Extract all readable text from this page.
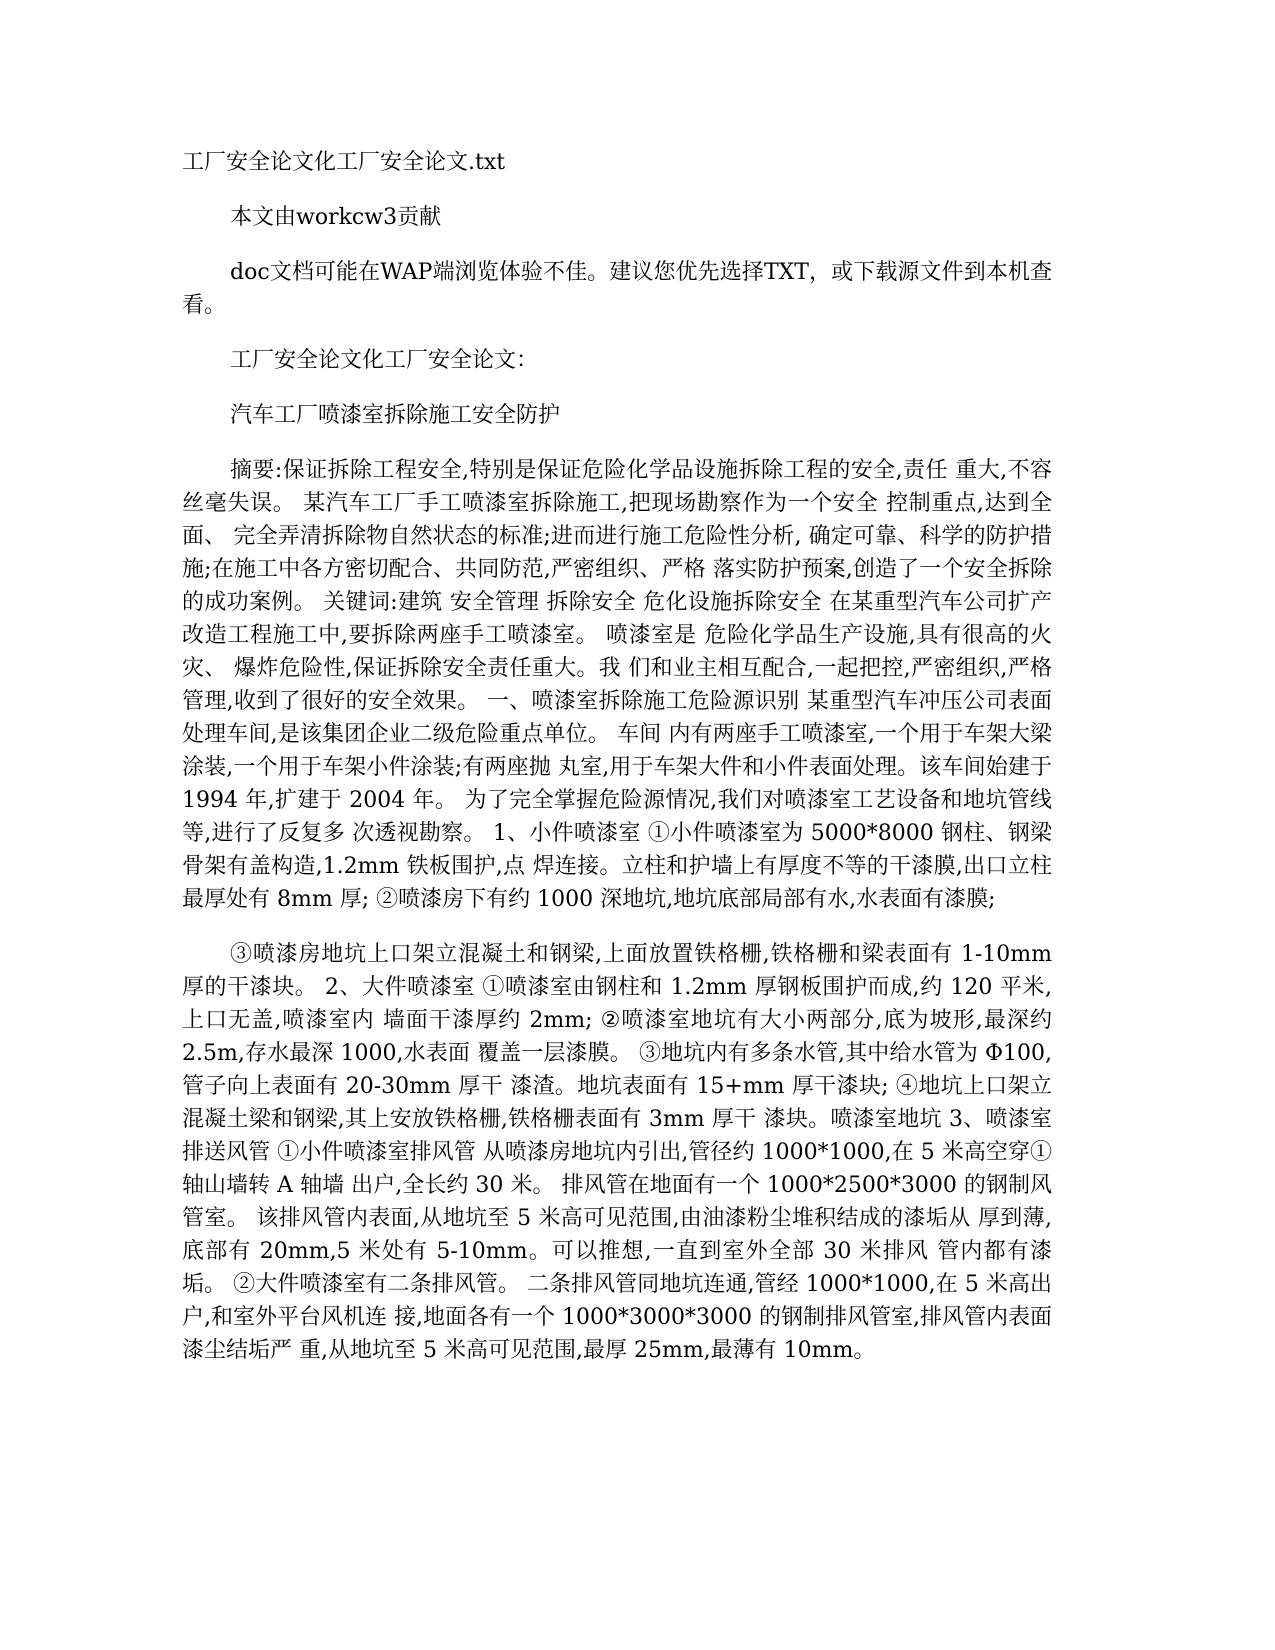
工厂安全论文化工厂安全论文.txt
本文由workcw3贡献
doc文档可能在WAP端浏览体验不佳。建议您优先选择TXT，或下载源文件到本机查看。
工厂安全论文化工厂安全论文：
汽车工厂喷漆室拆除施工安全防护
摘要:保证拆除工程安全,特别是保证危险化学品设施拆除工程的安全,责任 重大,不容丝毫失误。 某汽车工厂手工喷漆室拆除施工,把现场勘察作为一个安全 控制重点,达到全面、 完全弄清拆除物自然状态的标准;进而进行施工危险性分析, 确定可靠、科学的防护措施;在施工中各方密切配合、共同防范,严密组织、严格 落实防护预案,创造了一个安全拆除的成功案例。 关键词:建筑 安全管理 拆除安全 危化设施拆除安全 在某重型汽车公司扩产改造工程施工中,要拆除两座手工喷漆室。 喷漆室是 危险化学品生产设施,具有很高的火灾、 爆炸危险性,保证拆除安全责任重大。我 们和业主相互配合,一起把控,严密组织,严格管理,收到了很好的安全效果。 一、喷漆室拆除施工危险源识别 某重型汽车冲压公司表面处理车间,是该集团企业二级危险重点单位。 车间 内有两座手工喷漆室,一个用于车架大梁涂装,一个用于车架小件涂装;有两座抛 丸室,用于车架大件和小件表面处理。该车间始建于 1994 年,扩建于 2004 年。 为了完全掌握危险源情况,我们对喷漆室工艺设备和地坑管线等,进行了反复多 次透视勘察。 1、小件喷漆室 ①小件喷漆室为 5000*8000 钢柱、钢梁骨架有盖构造,1.2mm 铁板围护,点 焊连接。立柱和护墙上有厚度不等的干漆膜,出口立柱最厚处有 8mm 厚; ②喷漆房下有约 1000 深地坑,地坑底部局部有水,水表面有漆膜;
③喷漆房地坑上口架立混凝土和钢梁,上面放置铁格栅,铁格栅和梁表面有 1-10mm 厚的干漆块。 2、大件喷漆室 ①喷漆室由钢柱和 1.2mm 厚钢板围护而成,约 120 平米,上口无盖,喷漆室内 墙面干漆厚约 2mm; ②喷漆室地坑有大小两部分,底为坡形,最深约 2.5m,存水最深 1000,水表面 覆盖一层漆膜。 ③地坑内有多条水管,其中给水管为 Φ100,管子向上表面有 20-30mm 厚干 漆渣。地坑表面有 15+mm 厚干漆块; ④地坑上口架立混凝土梁和钢梁,其上安放铁格栅,铁格栅表面有 3mm 厚干 漆块。喷漆室地坑 3、喷漆室排送风管 ①小件喷漆室排风管 从喷漆房地坑内引出,管径约 1000*1000,在 5 米高空穿①轴山墙转 A 轴墙 出户,全长约 30 米。 排风管在地面有一个 1000*2500*3000 的钢制风管室。 该排风管内表面,从地坑至 5 米高可见范围,由油漆粉尘堆积结成的漆垢从 厚到薄,底部有 20mm,5 米处有 5-10mm。可以推想,一直到室外全部 30 米排风 管内都有漆垢。 ②大件喷漆室有二条排风管。 二条排风管同地坑连通,管经 1000*1000,在 5 米高出户,和室外平台风机连 接,地面各有一个 1000*3000*3000 的钢制排风管室,排风管内表面漆尘结垢严 重,从地坑至 5 米高可见范围,最厚 25mm,最薄有 10mm。
